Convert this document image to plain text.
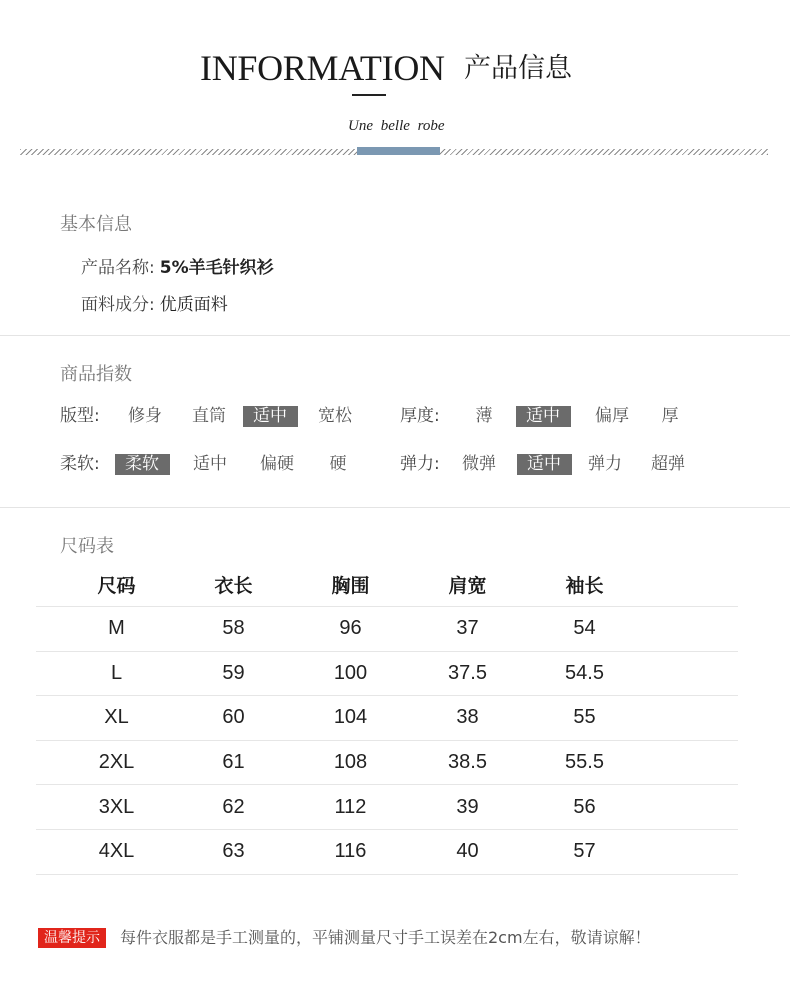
INFORMATION 产品信息
Une belle robe
基本信息
产品名称: 5%羊毛针织衫
面料成分: 优质面料
商品指数
版型:	修身	直筒	适中	宽松	厚度:	薄	适中	偏厚	厚
柔软:	柔软	适中	偏硬	硬	弹力:	微弹	适中	弹力	超弹
尺码表
尺码	衣长	胸围	肩宽	袖长
M	58	96	37	54
L	59	100	37.5	54.5
XL	60	104	38	55
2XL	61	108	38.5	55.5
3XL	62	112	39	56
4XL	63	116	40	57
温馨提示	每件衣服都是手工测量的，平铺测量尺寸手工误差在2cm左右，敬请谅解！
